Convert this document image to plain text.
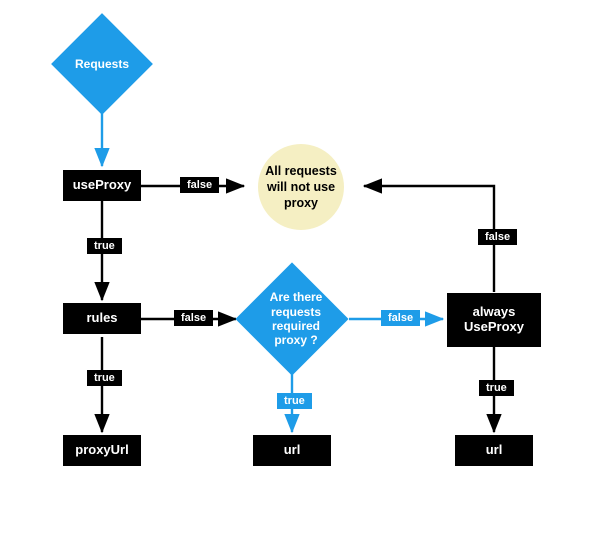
Requests
useProxy
rules
proxyUrl
All requests will not use proxy
Are there requests required proxy ?
url
always UseProxy
url
false
true
false
true
false
true
false
true
